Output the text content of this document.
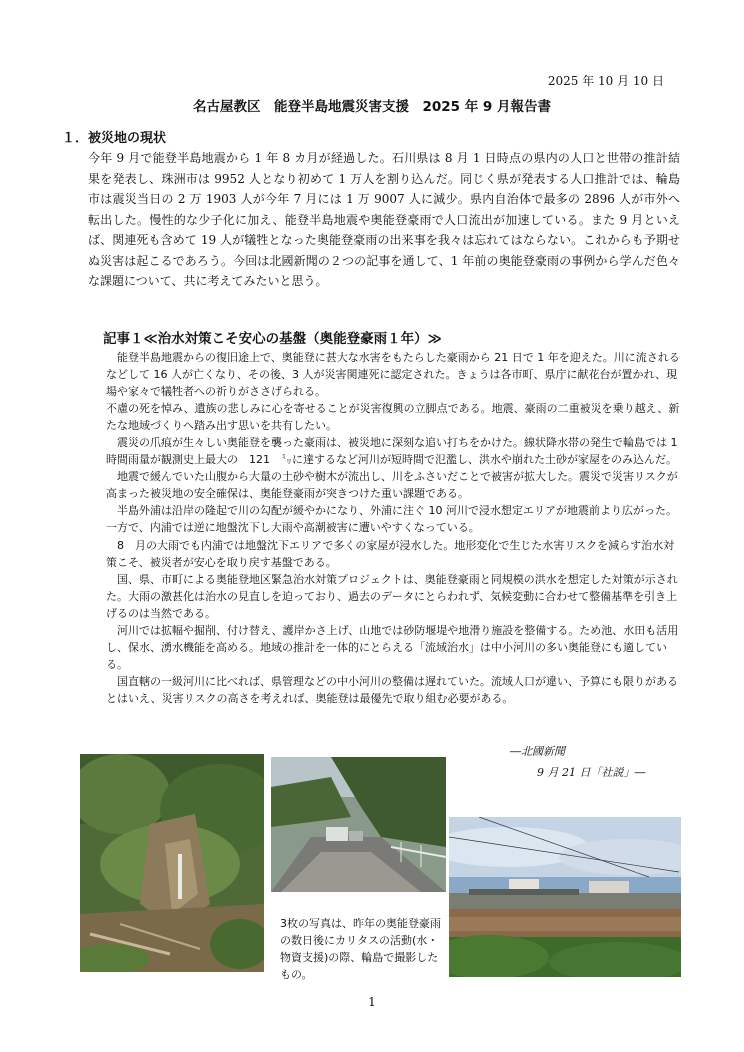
2025 年 10 月 10 日
名古屋教区　能登半島地震災害支援　2025 年 9 月報告書
１．被災地の現状

今年 9 月で能登半島地震から 1 年 8 カ月が経過した。石川県は 8 月 1 日時点の県内の人口と世帯の推計結果を発表し、珠洲市は 9952 人となり初めて 1 万人を割り込んだ。同じく県が発表する人口推計では、輪島市は震災当日の 2 万 1903 人が今年 7 月には 1 万 9007 人に減少。県内自治体で最多の 2896 人が市外へ転出した。慢性的な少子化に加え、能登半島地震や奥能登豪雨で人口流出が加速している。また 9 月といえば、関連死も含めて 19 人が犠牲となった奥能登豪雨の出来事を我々は忘れてはならない。これからも予期せぬ災害は起こるであろう。今回は北國新聞の２つの記事を通して、1 年前の奥能登豪雨の事例から学んだ色々な課題について、共に考えてみたいと思う。

記事１≪治水対策こそ安心の基盤（奥能登豪雨１年）≫

　能登半島地震からの復旧途上で、奥能登に甚大な水害をもたらした豪雨から 21 日で 1 年を迎えた。川に流されるなどして 16 人が亡くなり、その後、3 人が災害関連死に認定された。きょうは各市町、県庁に献花台が置かれ、現場や家々で犠牲者への祈りがささげられる。

不慮の死を悼み、遺族の悲しみに心を寄せることが災害復興の立脚点である。地震、豪雨の二重被災を乗り越え、新たな地域づくりへ踏み出す思いを共有したい。

　震災の爪痕が生々しい奥能登を襲った豪雨は、被災地に深刻な追い打ちをかけた。線状降水帯の発生で輪島では 1 時間雨量が観測史上最大の　121　㍉に達するなど河川が短時間で氾濫し、洪水や崩れた土砂が家屋をのみ込んだ。

　地震で緩んでいた山腹から大量の土砂や樹木が流出し、川をふさいだことで被害が拡大した。震災で災害リスクが高まった被災地の安全確保は、奥能登豪雨が突きつけた重い課題である。

　半島外浦は沿岸の隆起で川の勾配が緩やかになり、外浦に注ぐ 10 河川で浸水想定エリアが地震前より広がった。一方で、内浦では逆に地盤沈下し大雨や高潮被害に遭いやすくなっている。

　8　月の大雨でも内浦では地盤沈下エリアで多くの家屋が浸水した。地形変化で生じた水害リスクを減らす治水対策こそ、被災者が安心を取り戻す基盤である。

　国、県、市町による奥能登地区緊急治水対策プロジェクトは、奥能登豪雨と同規模の洪水を想定した対策が示された。大雨の激甚化は治水の見直しを迫っており、過去のデータにとらわれず、気候変動に合わせて整備基準を引き上げるのは当然である。

　河川では拡幅や掘削、付け替え、護岸かさ上げ、山地では砂防堰堤や地滑り施設を整備する。ため池、水田も活用し、保水、湧水機能を高める。地域の推計を一体的にとらえる「流域治水」は中小河川の多い奥能登にも適している。

　国直轄の一級河川に比べれば、県管理などの中小河川の整備は遅れていた。流域人口が違い、予算にも限りがあるとはいえ、災害リスクの高さを考えれば、奥能登は最優先で取り組む必要がある。

―北國新聞
9 月 21 日「社説」―

3枚の写真は、昨年の奥能登豪雨の数日後にカリタスの活動(水・物資支援)の際、輪島で撮影したもの。

1
